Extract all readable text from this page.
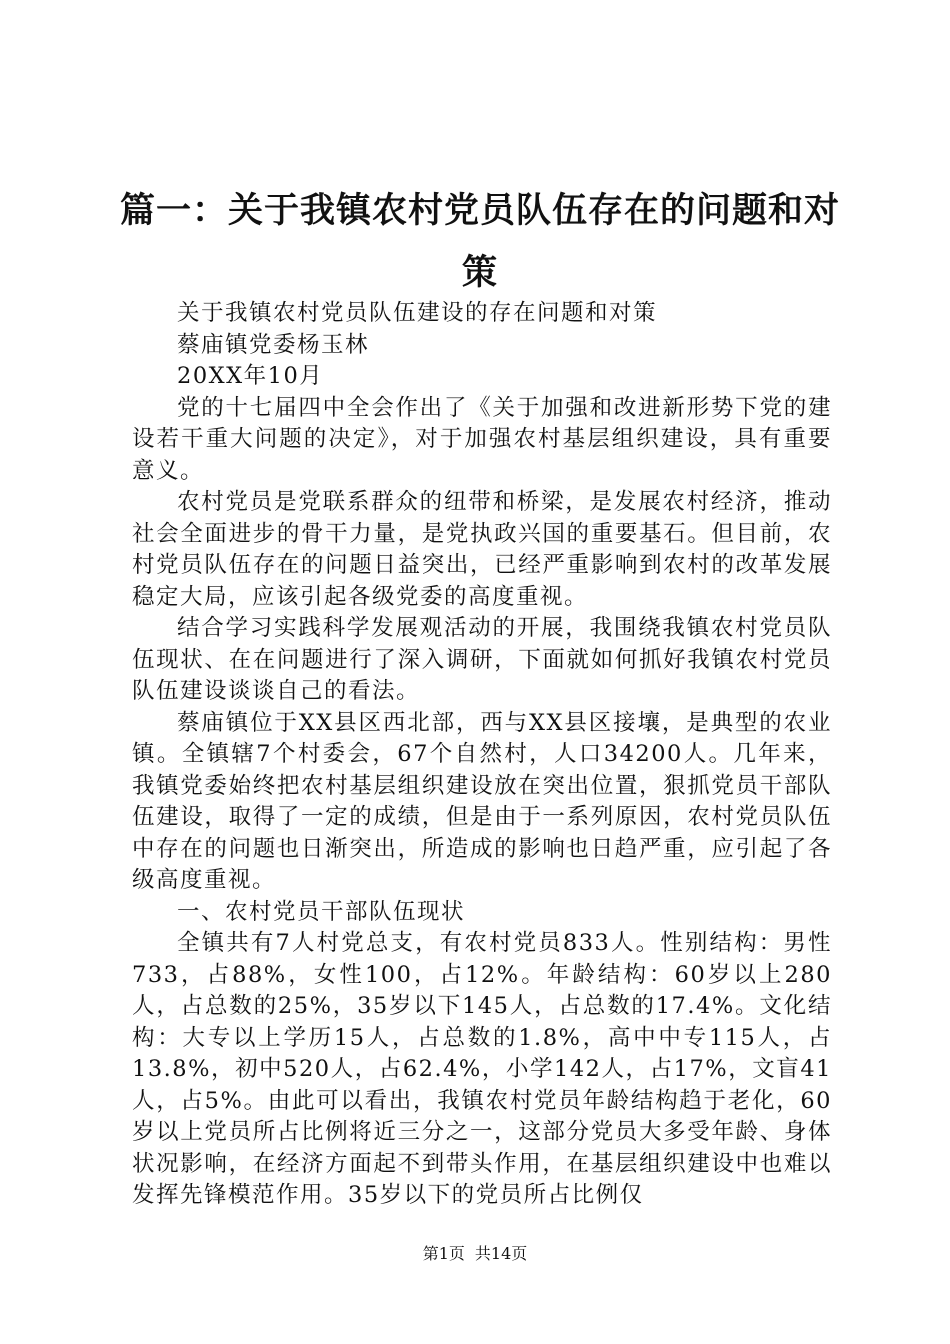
篇一：关于我镇农村党员队伍存在的问题和对策

关于我镇农村党员队伍建设的存在问题和对策

蔡庙镇党委杨玉林

20XX年10月

党的十七届四中全会作出了《关于加强和改进新形势下党的建设若干重大问题的决定》，对于加强农村基层组织建设，具有重要意义。

农村党员是党联系群众的纽带和桥梁，是发展农村经济，推动社会全面进步的骨干力量，是党执政兴国的重要基石。但目前，农村党员队伍存在的问题日益突出，已经严重影响到农村的改革发展稳定大局，应该引起各级党委的高度重视。

结合学习实践科学发展观活动的开展，我围绕我镇农村党员队伍现状、在在问题进行了深入调研，下面就如何抓好我镇农村党员队伍建设谈谈自己的看法。

蔡庙镇位于XX县区西北部，西与XX县区接壤，是典型的农业镇。全镇辖7个村委会，67个自然村，人口34200人。几年来，我镇党委始终把农村基层组织建设放在突出位置，狠抓党员干部队伍建设，取得了一定的成绩，但是由于一系列原因，农村党员队伍中存在的问题也日渐突出，所造成的影响也日趋严重，应引起了各级高度重视。

一、农村党员干部队伍现状

全镇共有7人村党总支，有农村党员833人。性别结构：男性733，占88%，女性100，占12%。年龄结构：60岁以上280人，占总数的25%，35岁以下145人，占总数的17.4%。文化结构：大专以上学历15人，占总数的1.8%，高中中专115人，占13.8%，初中520人，占62.4%，小学142人，占17%，文盲41人，占5%。由此可以看出，我镇农村党员年龄结构趋于老化，60岁以上党员所占比例将近三分之一，这部分党员大多受年龄、身体状况影响，在经济方面起不到带头作用，在基层组织建设中也难以发挥先锋模范作用。35岁以下的党员所占比例仅

第1页 共14页
